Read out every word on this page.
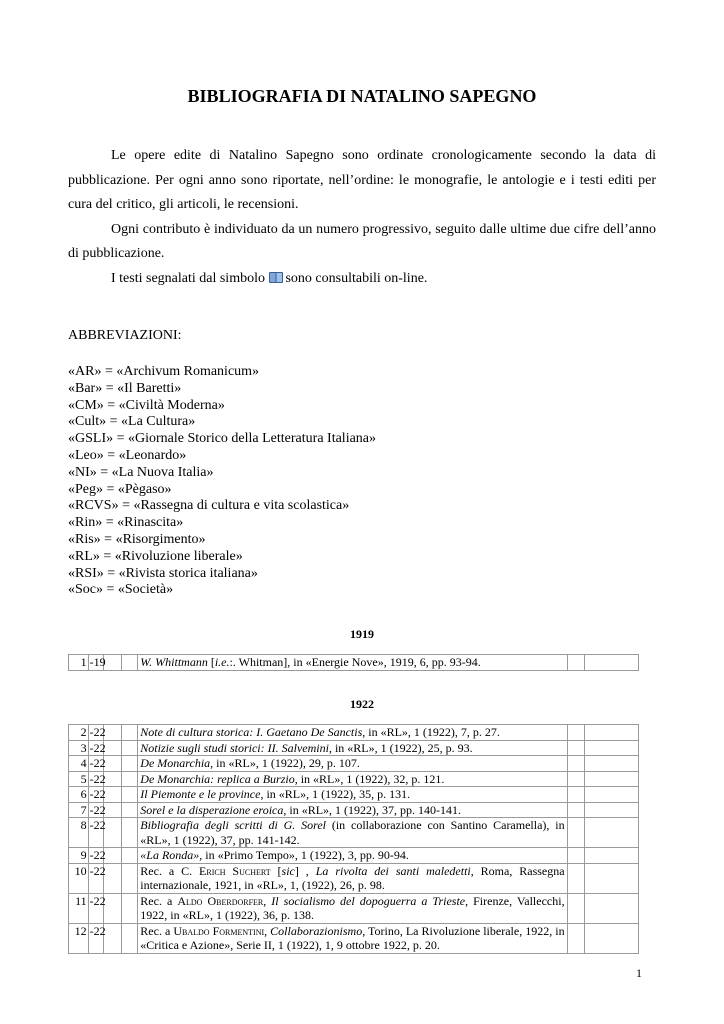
BIBLIOGRAFIA DI NATALINO SAPEGNO

Le opere edite di Natalino Sapegno sono ordinate cronologicamente secondo la data di pubblicazione. Per ogni anno sono riportate, nell’ordine: le monografie, le antologie e i testi editi per cura del critico, gli articoli, le recensioni.

Ogni contributo è individuato da un numero progressivo, seguito dalle ultime due cifre dell’anno di pubblicazione.

I testi segnalati dal simbolo sono consultabili on-line.

ABBREVIAZIONI:
«AR» = «Archivum Romanicum»
«Bar» = «Il Baretti»
«CM» = «Civiltà Moderna»
«Cult» = «La Cultura»
«GSLI» = «Giornale Storico della Letteratura Italiana»
«Leo» = «Leonardo»
«NI» = «La Nuova Italia»
«Peg» = «Pègaso»
«RCVS» = «Rassegna di cultura e vita scolastica»
«Rin» = «Rinascita»
«Ris» = «Risorgimento»
«RL» = «Rivoluzione liberale»
«RSI» = «Rivista storica italiana»
«Soc» = «Società»
1919
1	-19			W. Whittmann [i.e.:. Whitman], in «Energie Nove», 1919, 6, pp. 93-94.		
1922
2	-22			Note di cultura storica: I. Gaetano De Sanctis, in «RL», 1 (1922), 7, p. 27.		
3	-22			Notizie sugli studi storici: II. Salvemini, in «RL», 1 (1922), 25, p. 93.		
4	-22			De Monarchia, in «RL», 1 (1922), 29, p. 107.		
5	-22			De Monarchia: replica a Burzio, in «RL», 1 (1922), 32, p. 121.		
6	-22			Il Piemonte e le province, in «RL», 1 (1922), 35, p. 131.		
7	-22			Sorel e la disperazione eroica, in «RL», 1 (1922), 37, pp. 140-141.		
8	-22			Bibliografia degli scritti di G. Sorel (in collaborazione con Santino Caramella), in «RL», 1 (1922), 37, pp. 141-142.		
9	-22			«La Ronda», in «Primo Tempo», 1 (1922), 3, pp. 90-94.		
10	-22			Rec. a C. Erich Suchert [sic] , La rivolta dei santi maledetti, Roma, Rassegna internazionale, 1921, in «RL», 1, (1922), 26, p. 98.		
11	-22			Rec. a Aldo Oberdorfer, Il socialismo del dopoguerra a Trieste, Firenze, Vallecchi, 1922, in «RL», 1 (1922), 36, p. 138.		
12	-22			Rec. a Ubaldo Formentini, Collaborazionismo, Torino, La Rivoluzione liberale, 1922, in «Critica e Azione», Serie II, 1 (1922), 1, 9 ottobre 1922, p. 20.		
1
